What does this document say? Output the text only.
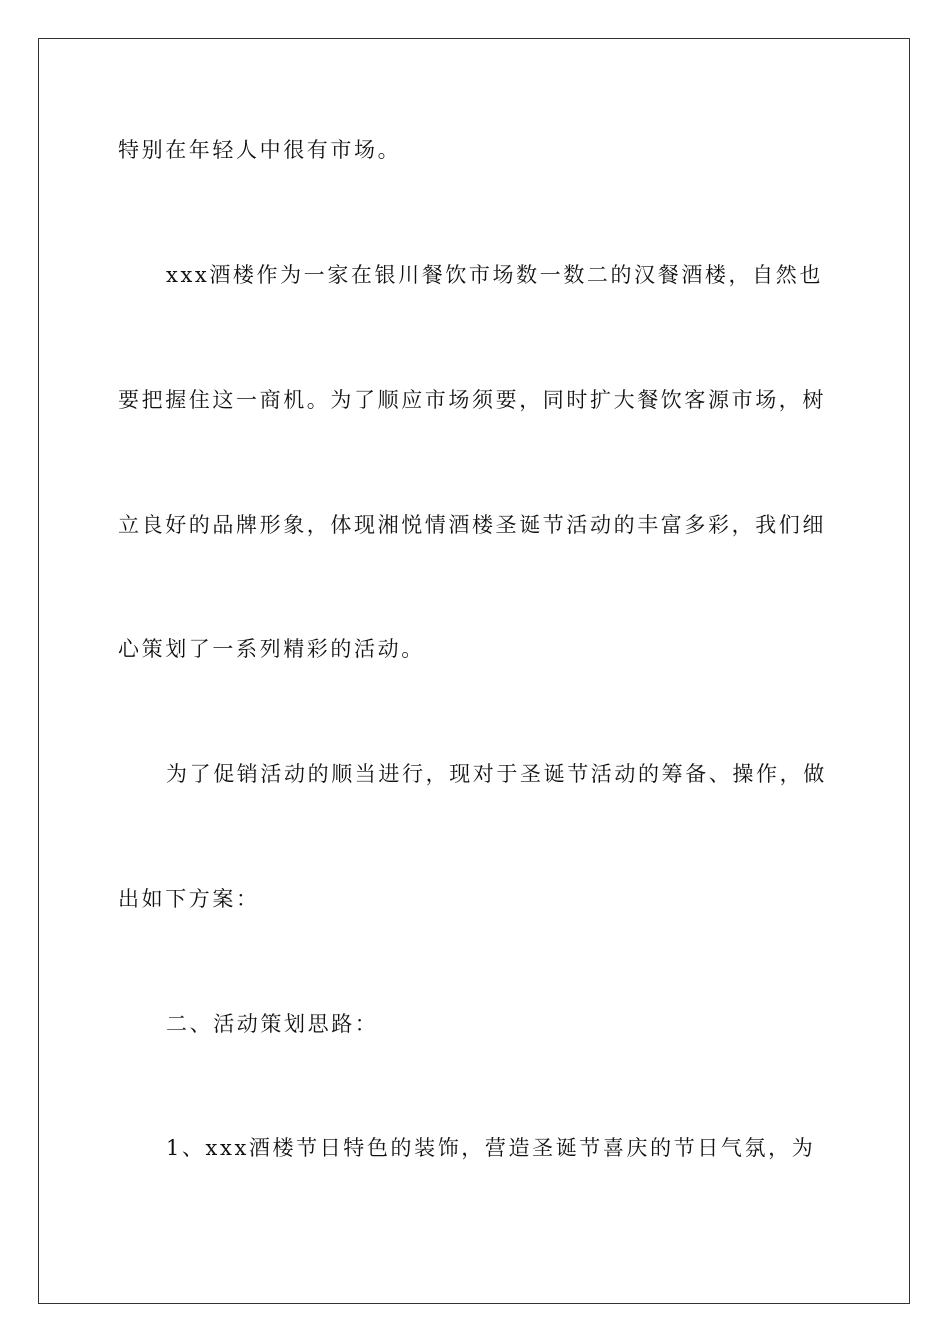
特别在年轻人中很有市场。
xxx酒楼作为一家在银川餐饮市场数一数二的汉餐酒楼，自然也
要把握住这一商机。为了顺应市场须要，同时扩大餐饮客源市场，树
立良好的品牌形象，体现湘悦情酒楼圣诞节活动的丰富多彩，我们细
心策划了一系列精彩的活动。
为了促销活动的顺当进行，现对于圣诞节活动的筹备、操作，做
出如下方案：
二、活动策划思路：
1、xxx酒楼节日特色的装饰，营造圣诞节喜庆的节日气氛，为
